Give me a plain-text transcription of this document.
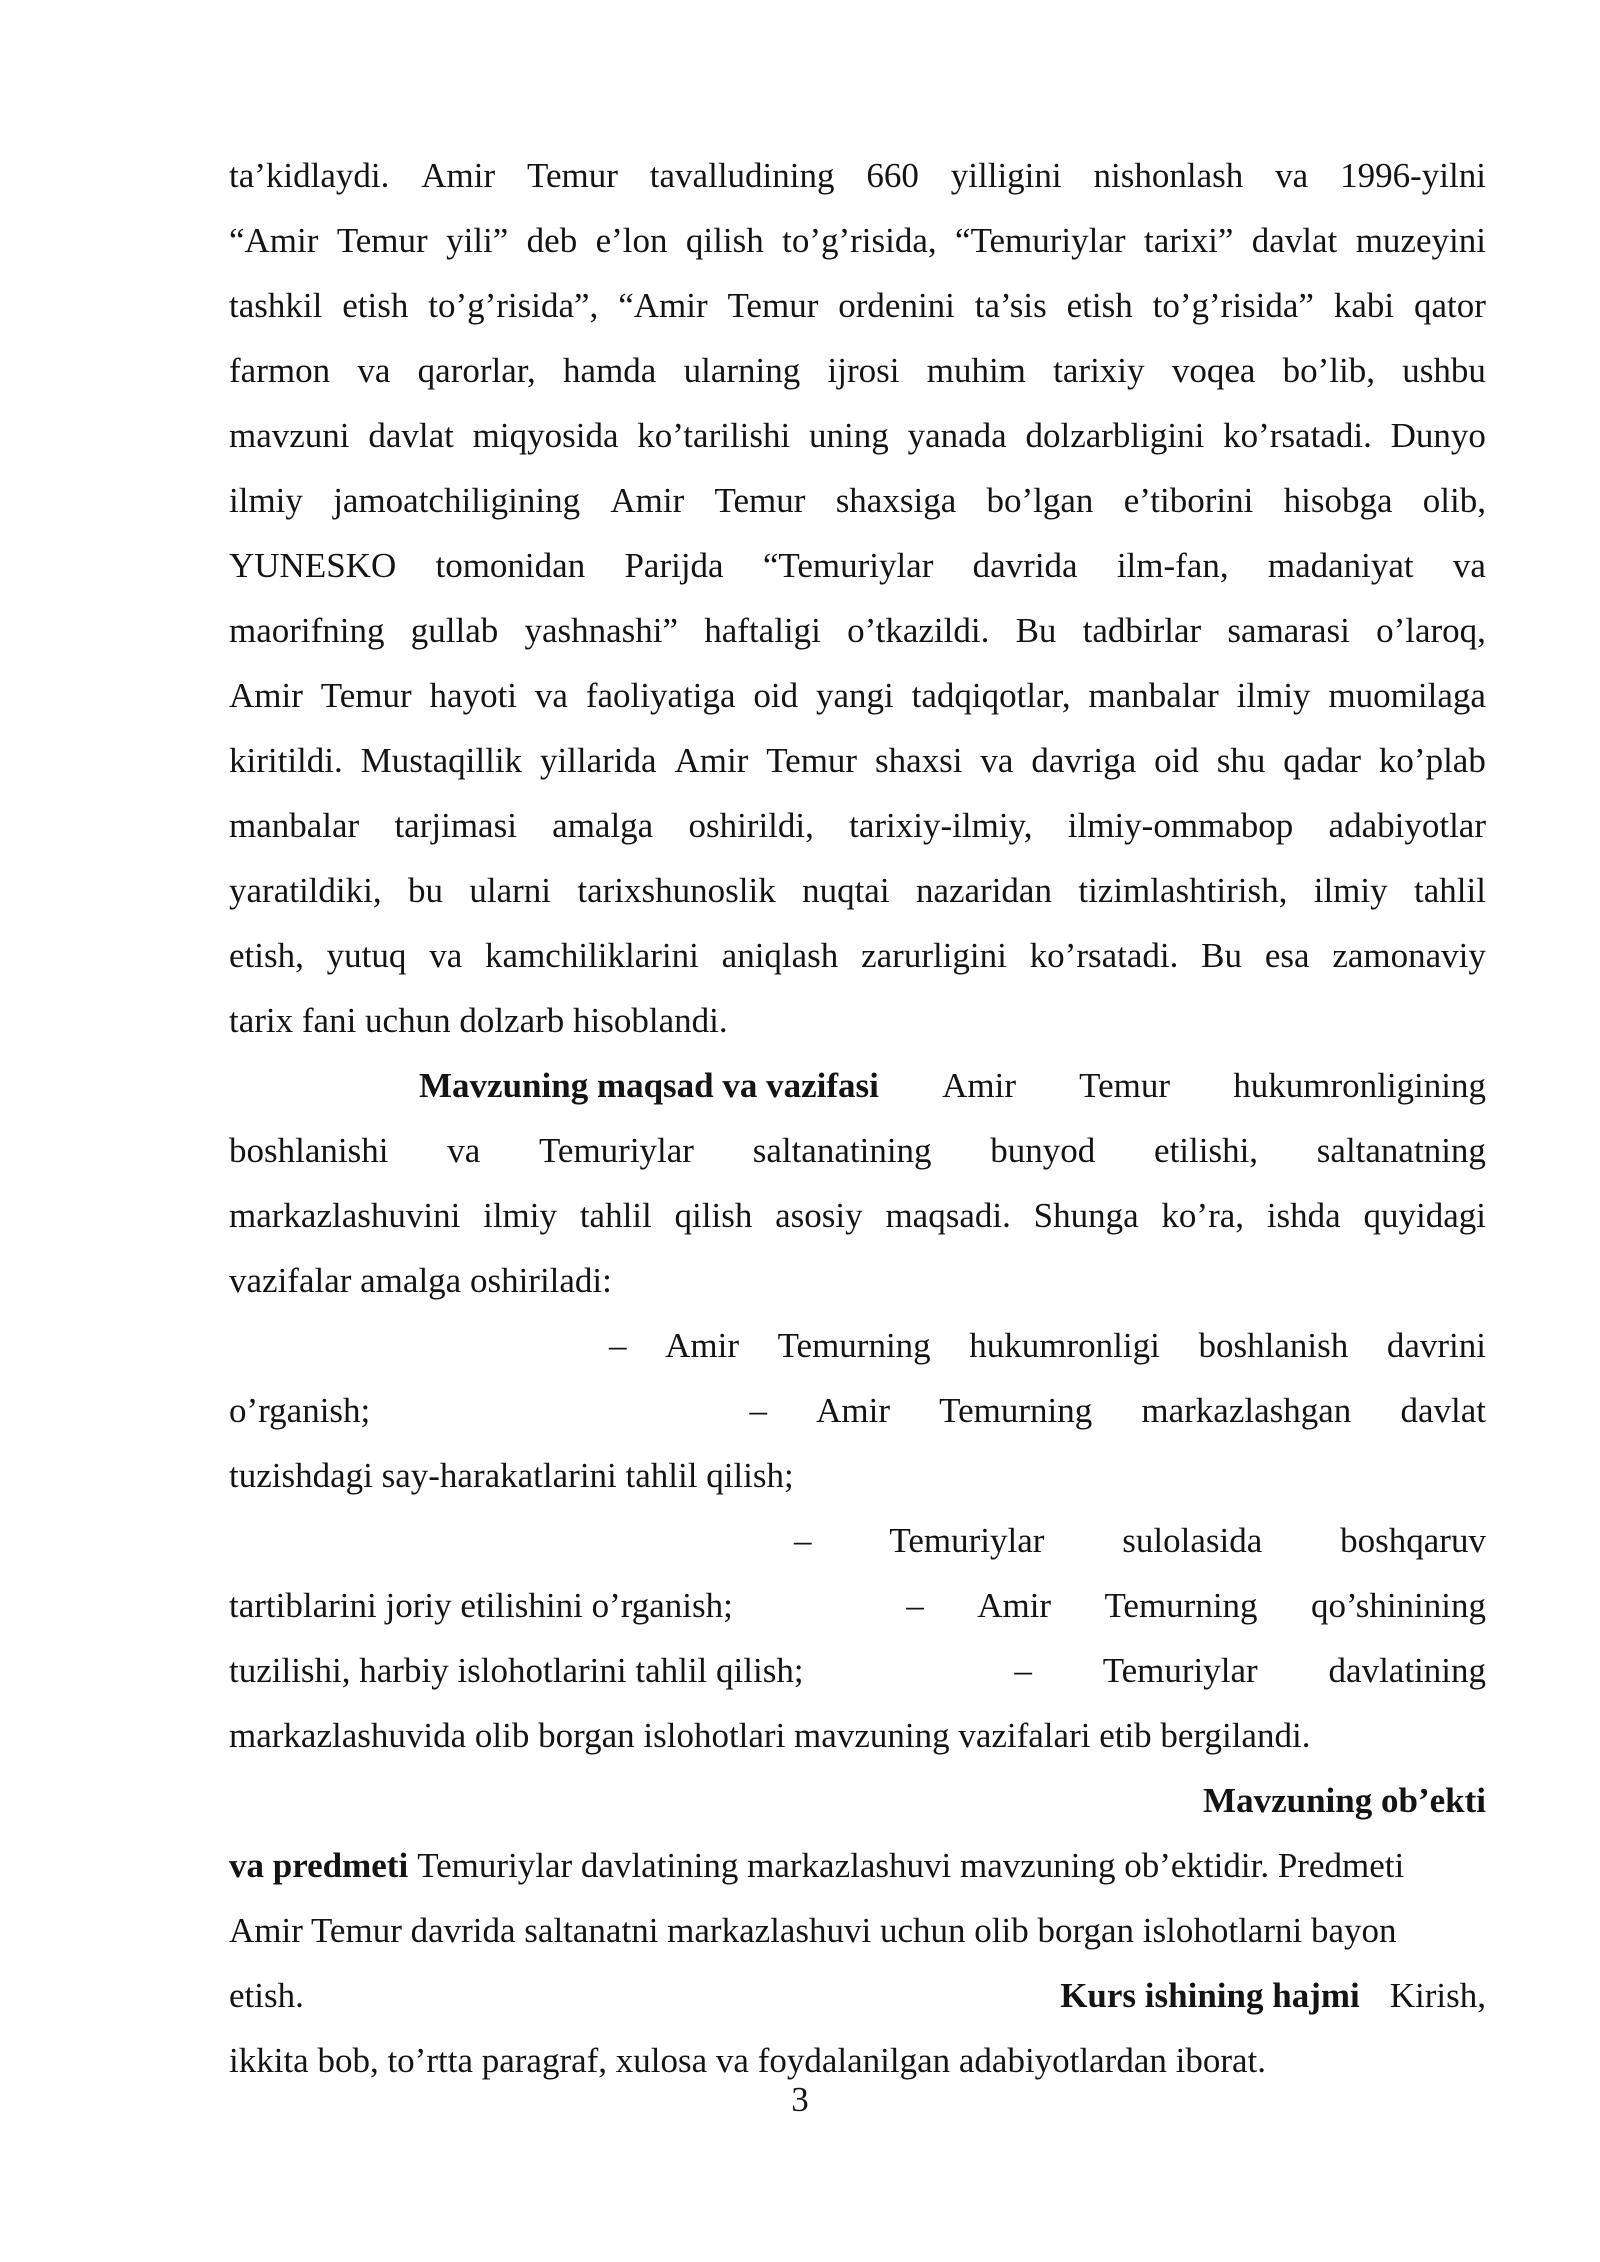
ta’kidlaydi. Amir Temur tavalludining 660 yilligini nishonlash va 1996-yilni
“Amir Temur yili” deb e’lon qilish to’g’risida, “Temuriylar tarixi” davlat muzeyini
tashkil etish to’g’risida”, “Amir Temur ordenini ta’sis etish to’g’risida” kabi qator
farmon va qarorlar, hamda ularning ijrosi muhim tarixiy voqea bo’lib, ushbu
mavzuni davlat miqyosida ko’tarilishi uning yanada dolzarbligini ko’rsatadi. Dunyo
ilmiy jamoatchiligining Amir Temur shaxsiga bo’lgan e’tiborini hisobga olib,
YUNESKO tomonidan Parijda “Temuriylar davrida ilm-fan, madaniyat va
maorifning gullab yashnashi” haftaligi o’tkazildi. Bu tadbirlar samarasi o’laroq,
Amir Temur hayoti va faoliyatiga oid yangi tadqiqotlar, manbalar ilmiy muomilaga
kiritildi. Mustaqillik yillarida Amir Temur shaxsi va davriga oid shu qadar ko’plab
manbalar tarjimasi amalga oshirildi, tarixiy-ilmiy, ilmiy-ommabop adabiyotlar
yaratildiki, bu ularni tarixshunoslik nuqtai nazaridan tizimlashtirish, ilmiy tahlil
etish, yutuq va kamchiliklarini aniqlash zarurligini ko’rsatadi. Bu esa zamonaviy
tarix fani uchun dolzarb hisoblandi.
Mavzuning maqsad va vazifasi Amir Temur hukumronligining
boshlanishi va Temuriylar saltanatining bunyod etilishi, saltanatning
markazlashuvini ilmiy tahlil qilish asosiy maqsadi. Shunga ko’ra, ishda quyidagi
vazifalar amalga oshiriladi:
– Amir Temurning hukumronligi boshlanish davrini
o’rganish;	– Amir Temurning markazlashgan davlat
tuzishdagi say-harakatlarini tahlil qilish;
– Temuriylar sulolasida boshqaruv
tartiblarini joriy etilishini o’rganish;	– Amir Temurning qo’shinining
tuzilishi, harbiy islohotlarini tahlil qilish;	– Temuriylar davlatining
markazlashuvida olib borgan islohotlari mavzuning vazifalari etib bergilandi.
Mavzuning ob’ekti
va predmeti Temuriylar davlatining markazlashuvi mavzuning ob’ektidir. Predmeti
Amir Temur davrida saltanatni markazlashuvi uchun olib borgan islohotlarni bayon
etish.	Kurs ishining hajmi Kirish,
ikkita bob, to’rtta paragraf, xulosa va foydalanilgan adabiyotlardan iborat.
3
